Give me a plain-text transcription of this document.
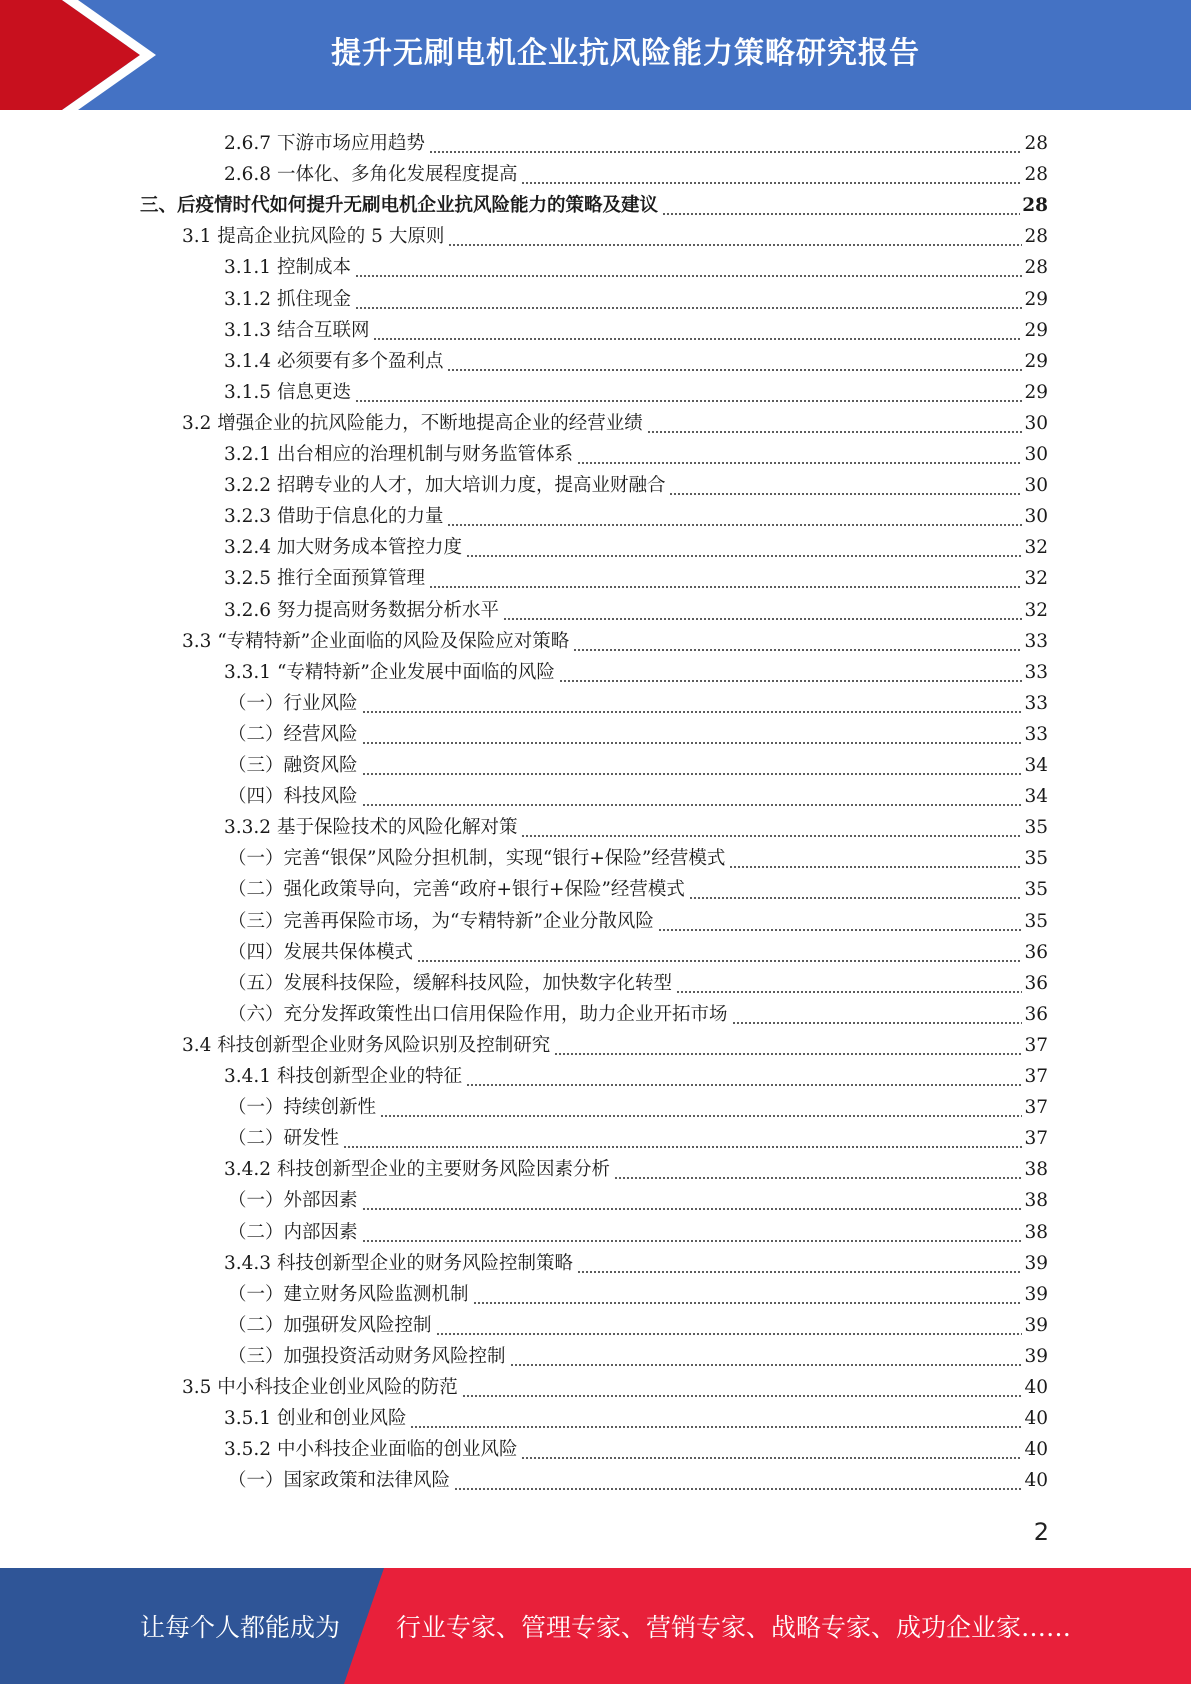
提升无刷电机企业抗风险能力策略研究报告
2.6.7 下游市场应用趋势	28
2.6.8 一体化、多角化发展程度提高	28
三、后疫情时代如何提升无刷电机企业抗风险能力的策略及建议	28
3.1 提高企业抗风险的 5 大原则	28
3.1.1 控制成本	28
3.1.2 抓住现金	29
3.1.3 结合互联网	29
3.1.4 必须要有多个盈利点	29
3.1.5 信息更迭	29
3.2 增强企业的抗风险能力，不断地提高企业的经营业绩	30
3.2.1 出台相应的治理机制与财务监管体系	30
3.2.2 招聘专业的人才，加大培训力度，提高业财融合	30
3.2.3 借助于信息化的力量	30
3.2.4 加大财务成本管控力度	32
3.2.5 推行全面预算管理	32
3.2.6 努力提高财务数据分析水平	32
3.3 “专精特新”企业面临的风险及保险应对策略	33
3.3.1 “专精特新”企业发展中面临的风险	33
（一）行业风险	33
（二）经营风险	33
（三）融资风险	34
（四）科技风险	34
3.3.2 基于保险技术的风险化解对策	35
（一）完善“银保”风险分担机制，实现“银行+保险”经营模式	35
（二）强化政策导向，完善“政府+银行+保险”经营模式	35
（三）完善再保险市场，为“专精特新”企业分散风险	35
（四）发展共保体模式	36
（五）发展科技保险，缓解科技风险，加快数字化转型	36
（六）充分发挥政策性出口信用保险作用，助力企业开拓市场	36
3.4 科技创新型企业财务风险识别及控制研究	37
3.4.1 科技创新型企业的特征	37
（一）持续创新性	37
（二）研发性	37
3.4.2 科技创新型企业的主要财务风险因素分析	38
（一）外部因素	38
（二）内部因素	38
3.4.3 科技创新型企业的财务风险控制策略	39
（一）建立财务风险监测机制	39
（二）加强研发风险控制	39
（三）加强投资活动财务风险控制	39
3.5 中小科技企业创业风险的防范	40
3.5.1 创业和创业风险	40
3.5.2 中小科技企业面临的创业风险	40
（一）国家政策和法律风险	40
2
让每个人都能成为 行业专家、管理专家、营销专家、战略专家、成功企业家……
